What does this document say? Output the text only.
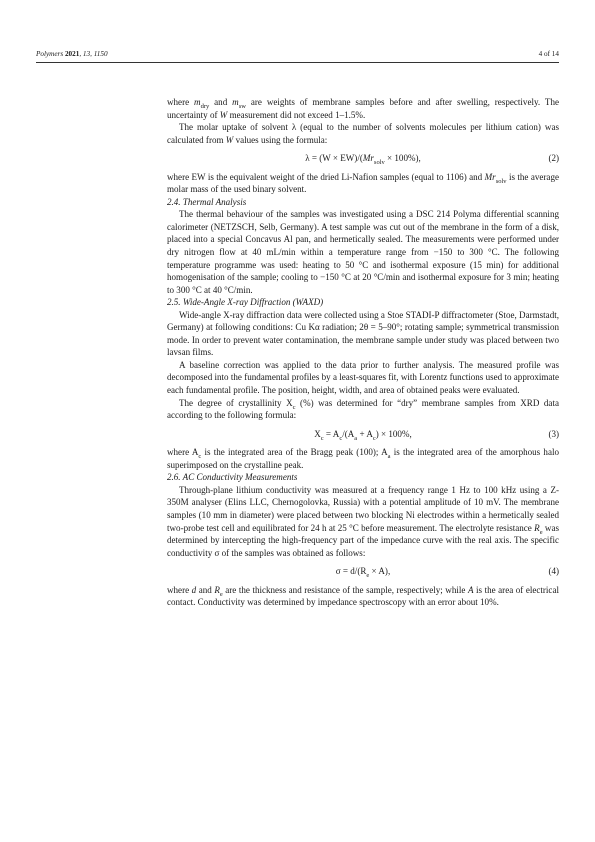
Polymers 2021, 13, 1150	4 of 14

where $m_{dry}$ and $m_{sw}$ are weights of membrane samples before and after swelling, respectively. The uncertainty of W measurement did not exceed 1–1.5%.

The molar uptake of solvent λ (equal to the number of solvents molecules per lithium cation) was calculated from W values using the formula:

$\lambda = (W \times EW)/(Mr_{solv} \times 100\%)$,	(2)

where EW is the equivalent weight of the dried Li-Nafion samples (equal to 1106) and $Mr_{solv}$ is the average molar mass of the used binary solvent.

2.4. Thermal Analysis

The thermal behaviour of the samples was investigated using a DSC 214 Polyma differential scanning calorimeter (NETZSCH, Selb, Germany). A test sample was cut out of the membrane in the form of a disk, placed into a special Concavus Al pan, and hermetically sealed. The measurements were performed under dry nitrogen flow at 40 mL/min within a temperature range from −150 to 300 °C. The following temperature programme was used: heating to 50 °C and isothermal exposure (15 min) for additional homogenisation of the sample; cooling to −150 °C at 20 °C/min and isothermal exposure for 3 min; heating to 300 °C at 40 °C/min.

2.5. Wide-Angle X-ray Diffraction (WAXD)

Wide-angle X-ray diffraction data were collected using a Stoe STADI-P diffractometer (Stoe, Darmstadt, Germany) at following conditions: Cu Kα radiation; 2θ = 5–90°; rotating sample; symmetrical transmission mode. In order to prevent water contamination, the membrane sample under study was placed between two lavsan films.

A baseline correction was applied to the data prior to further analysis. The measured profile was decomposed into the fundamental profiles by a least-squares fit, with Lorentz functions used to approximate each fundamental profile. The position, height, width, and area of obtained peaks were evaluated.

The degree of crystallinity $X_c$ (%) was determined for “dry” membrane samples from XRD data according to the following formula:

$X_c = A_c/(A_a + A_c) \times 100\%$,	(3)

where $A_c$ is the integrated area of the Bragg peak (100); $A_a$ is the integrated area of the amorphous halo superimposed on the crystalline peak.

2.6. AC Conductivity Measurements

Through-plane lithium conductivity was measured at a frequency range 1 Hz to 100 kHz using a Z-350M analyser (Elins LLC, Chernogolovka, Russia) with a potential amplitude of 10 mV. The membrane samples (10 mm in diameter) were placed between two blocking Ni electrodes within a hermetically sealed two-probe test cell and equilibrated for 24 h at 25 °C before measurement. The electrolyte resistance $R_e$ was determined by intercepting the high-frequency part of the impedance curve with the real axis. The specific conductivity σ of the samples was obtained as follows:

$\sigma = d/(R_e \times A)$,	(4)

where d and $R_e$ are the thickness and resistance of the sample, respectively; while A is the area of electrical contact. Conductivity was determined by impedance spectroscopy with an error about 10%.
